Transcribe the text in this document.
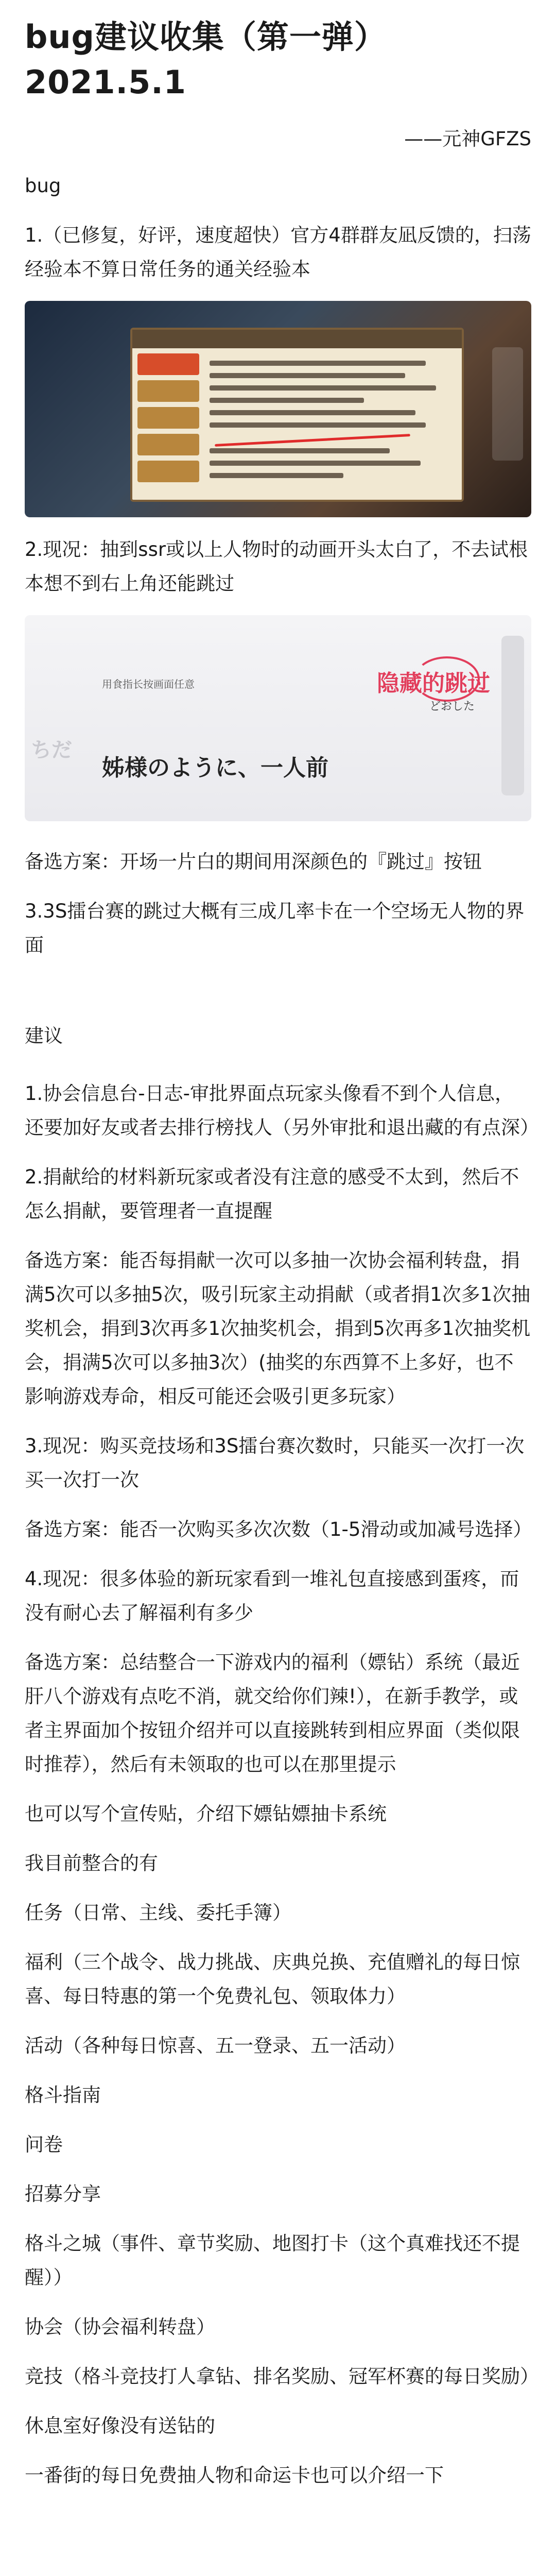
bug建议收集（第一弹）
2021.5.1
——元神GFZS
bug
1.（已修复，好评，速度超快）官方4群群友凪反馈的，扫荡经验本不算日常任务的通关经验本
2.现况：抽到ssr或以上人物时的动画开头太白了，不去试根本想不到右上角还能跳过
用食指长按画面任意
ちだ
姊様のように、一人前
隐藏的跳过
どおした
备选方案：开场一片白的期间用深颜色的『跳过』按钮
3.3S擂台赛的跳过大概有三成几率卡在一个空场无人物的界面
建议
1.协会信息台-日志-审批界面点玩家头像看不到个人信息，还要加好友或者去排行榜找人（另外审批和退出藏的有点深）
2.捐献给的材料新玩家或者没有注意的感受不太到，然后不怎么捐献，要管理者一直提醒
备选方案：能否每捐献一次可以多抽一次协会福利转盘，捐满5次可以多抽5次，吸引玩家主动捐献（或者捐1次多1次抽奖机会，捐到3次再多1次抽奖机会，捐到5次再多1次抽奖机会，捐满5次可以多抽3次）(抽奖的东西算不上多好，也不影响游戏寿命，相反可能还会吸引更多玩家）
3.现况：购买竞技场和3S擂台赛次数时，只能买一次打一次买一次打一次
备选方案：能否一次购买多次次数（1-5滑动或加减号选择）
4.现况：很多体验的新玩家看到一堆礼包直接感到蛋疼，而没有耐心去了解福利有多少
备选方案：总结整合一下游戏内的福利（嫖钻）系统（最近肝八个游戏有点吃不消，就交给你们辣!），在新手教学，或者主界面加个按钮介绍并可以直接跳转到相应界面（类似限时推荐），然后有未领取的也可以在那里提示
也可以写个宣传贴，介绍下嫖钻嫖抽卡系统
我目前整合的有
任务（日常、主线、委托手簿）
福利（三个战令、战力挑战、庆典兑换、充值赠礼的每日惊喜、每日特惠的第一个免费礼包、领取体力）
活动（各种每日惊喜、五一登录、五一活动）
格斗指南
问卷
招募分享
格斗之城（事件、章节奖励、地图打卡（这个真难找还不提醒））
协会（协会福利转盘）
竞技（格斗竞技打人拿钻、排名奖励、冠军杯赛的每日奖励）
休息室好像没有送钻的
一番街的每日免费抽人物和命运卡也可以介绍一下
